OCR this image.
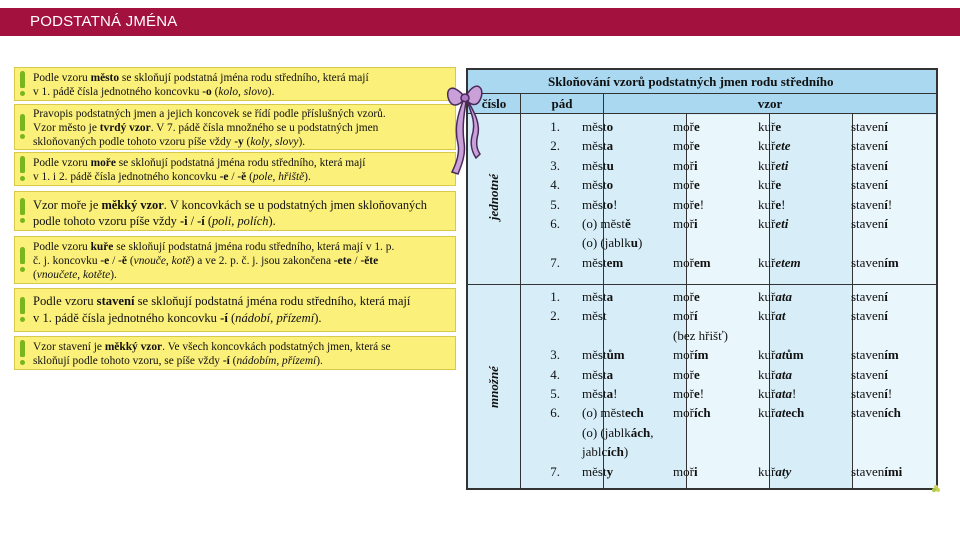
PODSTATNÁ JMÉNA
Podle vzoru město se skloňují podstatná jména rodu středního, která mají
v 1. pádě čísla jednotného koncovku -o (kolo, slovo).
Pravopis podstatných jmen a jejich koncovek se řídí podle příslušných vzorů.
Vzor město je tvrdý vzor. V 7. pádě čísla množného se u podstatných jmen
skloňovaných podle tohoto vzoru píše vždy -y (koly, slovy).
Podle vzoru moře se skloňují podstatná jména rodu středního, která mají
v 1. i 2. pádě čísla jednotného koncovku -e / -ě (pole, hřiště).
Vzor moře je měkký vzor. V koncovkách se u podstatných jmen skloňovaných
podle tohoto vzoru píše vždy -i / -í (poli, polích).
Podle vzoru kuře se skloňují podstatná jména rodu středního, která mají v 1. p.
č. j. koncovku -e / -ě (vnouče, kotě) a ve 2. p. č. j. jsou zakončena -ete / -ěte
(vnoučete, kotěte).
Podle vzoru stavení se skloňují podstatná jména rodu středního, která mají
v 1. pádě čísla jednotného koncovku -í (nádobí, přízemí).
Vzor stavení je měkký vzor. Ve všech koncovkách podstatných jmen, která se
skloňují podle tohoto vzoru, se píše vždy -í (nádobím, přízemí).
Skloňování vzorů podstatných jmen rodu středního
číslo	pád	vzor
jednotné
množné
1. město	moře	kuře	stavení
2. města	moře	kuřete	stavení
3. městu	moři	kuřeti	stavení
4. město	moře	kuře	stavení
5. město!	moře!	kuře!	stavení!
6. (o) městě	moři	kuřeti	stavení
(o) (jablku)
7. městem	mořem	kuřetem	stavením
1. města	moře	kuřata	stavení
2. měst	moří	kuřat	stavení
(bez hřišť)
3. městům	mořím	kuřatům	stavením
4. města	moře	kuřata	stavení
5. města!	moře!	kuřata!	stavení!
6. (o) městech mořích	kuřatech	staveních
(o) (jablkách,
jablcích)
7. městy	moři	kuřaty	staveními
